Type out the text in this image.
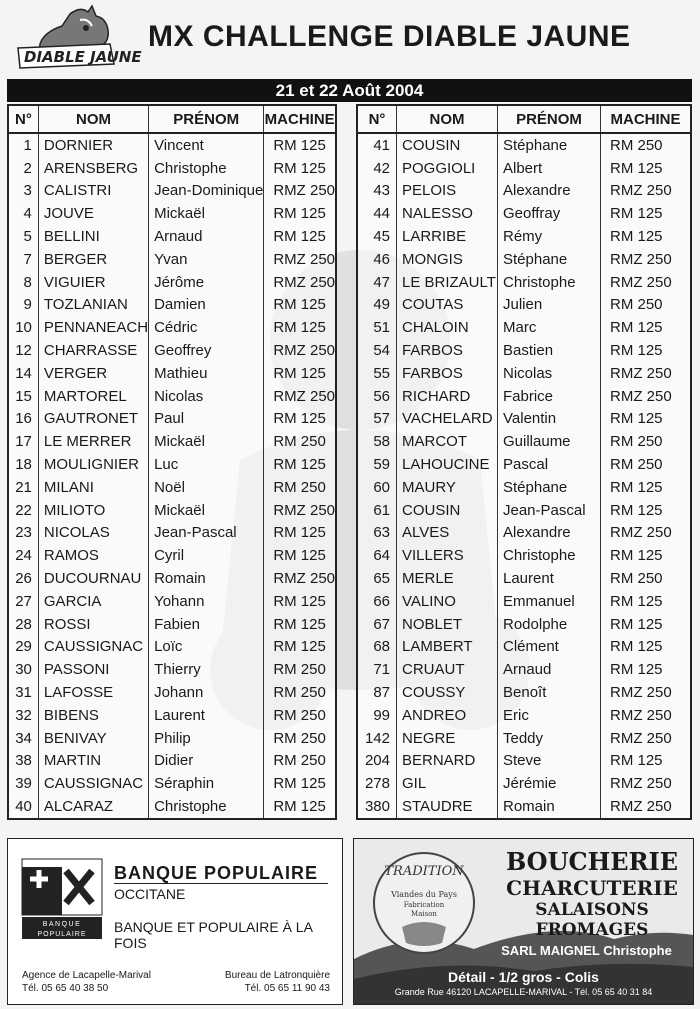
DIABLE JAUNE
MX CHALLENGE DIABLE JAUNE
21 et 22 Août 2004
N°	NOM	PRÉNOM	MACHINE
1	DORNIER	Vincent	RM 125
2	ARENSBERG	Christophe	RM 125
3	CALISTRI	Jean-Dominique	RMZ 250
4	JOUVE	Mickaël	RM 125
5	BELLINI	Arnaud	RM 125
7	BERGER	Yvan	RMZ 250
8	VIGUIER	Jérôme	RMZ 250
9	TOZLANIAN	Damien	RM 125
10	PENNANEACH	Cédric	RM 125
12	CHARRASSE	Geoffrey	RMZ 250
14	VERGER	Mathieu	RM 125
15	MARTOREL	Nicolas	RMZ 250
16	GAUTRONET	Paul	RM 125
17	LE MERRER	Mickaël	RM 250
18	MOULIGNIER	Luc	RM 125
21	MILANI	Noël	RM 250
22	MILIOTO	Mickaël	RMZ 250
23	NICOLAS	Jean-Pascal	RM 125
24	RAMOS	Cyril	RM 125
26	DUCOURNAU	Romain	RMZ 250
27	GARCIA	Yohann	RM 125
28	ROSSI	Fabien	RM 125
29	CAUSSIGNAC	Loïc	RM 125
30	PASSONI	Thierry	RM 250
31	LAFOSSE	Johann	RM 250
32	BIBENS	Laurent	RM 250
34	BENIVAY	Philip	RM 250
38	MARTIN	Didier	RM 250
39	CAUSSIGNAC	Séraphin	RM 125
40	ALCARAZ	Christophe	RM 125
N°	NOM	PRÉNOM	MACHINE
41	COUSIN	Stéphane	RM 250
42	POGGIOLI	Albert	RM 125
43	PELOIS	Alexandre	RMZ 250
44	NALESSO	Geoffray	RM 125
45	LARRIBE	Rémy	RM 125
46	MONGIS	Stéphane	RMZ 250
47	LE BRIZAULT	Christophe	RMZ 250
49	COUTAS	Julien	RM 250
51	CHALOIN	Marc	RM 125
54	FARBOS	Bastien	RM 125
55	FARBOS	Nicolas	RMZ 250
56	RICHARD	Fabrice	RMZ 250
57	VACHELARD	Valentin	RM 125
58	MARCOT	Guillaume	RM 250
59	LAHOUCINE	Pascal	RM 250
60	MAURY	Stéphane	RM 125
61	COUSIN	Jean-Pascal	RM 125
63	ALVES	Alexandre	RMZ 250
64	VILLERS	Christophe	RM 125
65	MERLE	Laurent	RM 250
66	VALINO	Emmanuel	RM 125
67	NOBLET	Rodolphe	RM 125
68	LAMBERT	Clément	RM 125
71	CRUAUT	Arnaud	RM 125
87	COUSSY	Benoît	RMZ 250
99	ANDREO	Eric	RMZ 250
142	NEGRE	Teddy	RMZ 250
204	BERNARD	Steve	RM 125
278	GIL	Jérémie	RMZ 250
380	STAUDRE	Romain	RMZ 250
BANQUE
POPULAIRE
BANQUE POPULAIRE
OCCITANE
BANQUE ET POPULAIRE À LA FOIS
Agence de Lacapelle-Marival
Tél. 05 65 40 38 50
Bureau de Latronquière
Tél. 05 65 11 90 43
TRADITION
Viandes du Pays
Fabrication
Maison
BOUCHERIE
CHARCUTERIE
SALAISONS
FROMAGES
SARL MAIGNEL Christophe
Détail - 1/2 gros - Colis
Grande Rue 46120 LACAPELLE-MARIVAL - Tél. 05 65 40 31 84
